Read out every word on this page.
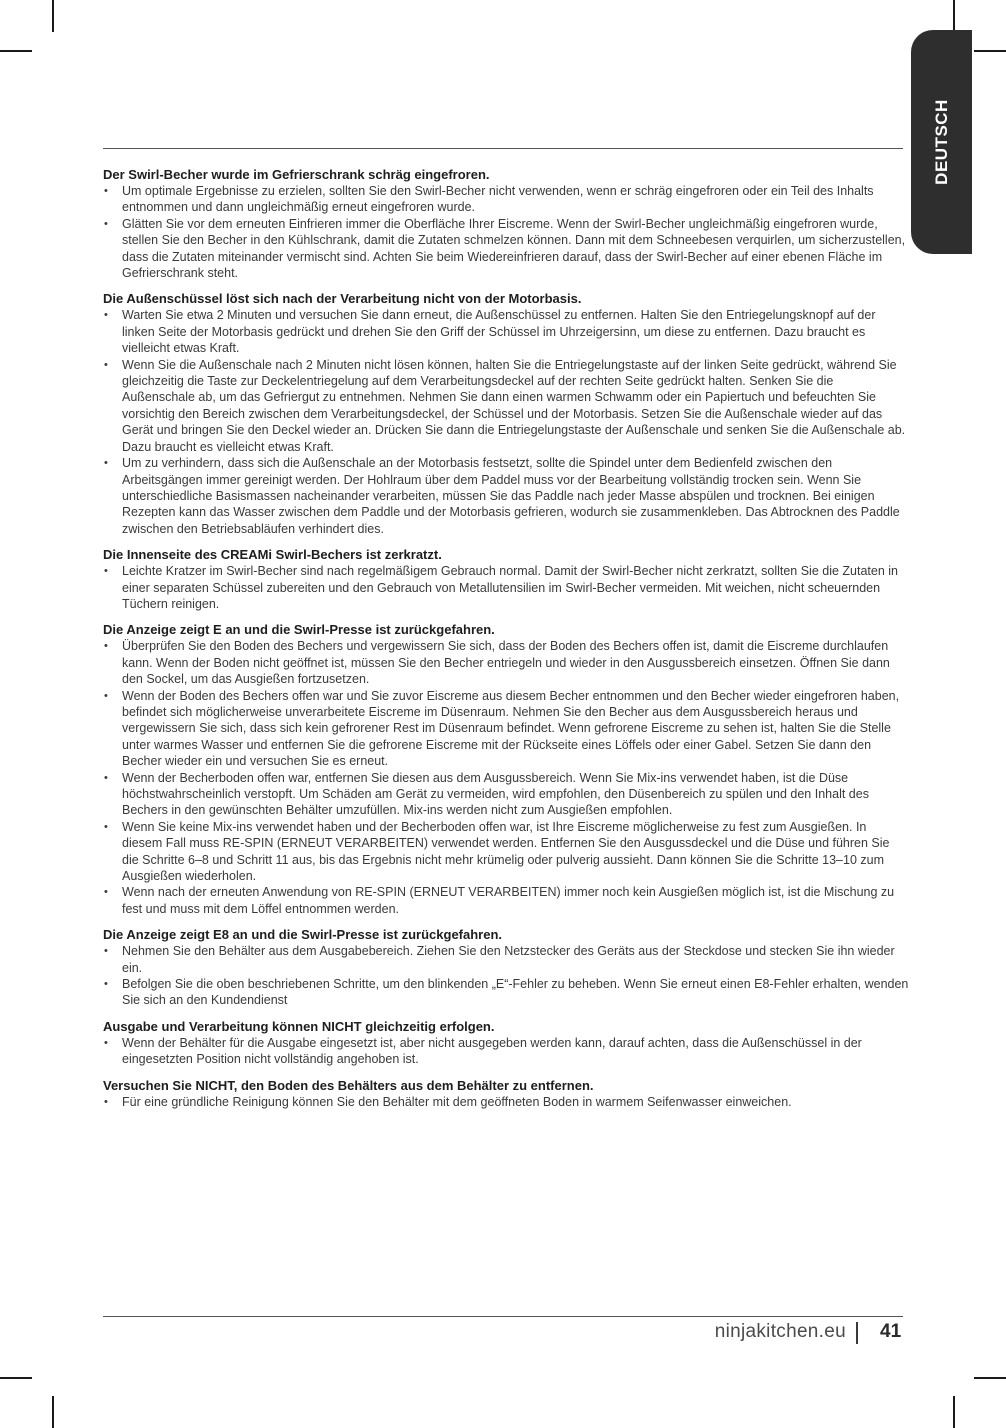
DEUTSCH

Der Swirl-Becher wurde im Gefrierschrank schräg eingefroren.

• Um optimale Ergebnisse zu erzielen, sollten Sie den Swirl-Becher nicht verwenden, wenn er schräg eingefroren oder ein Teil des Inhalts entnommen und dann ungleichmäßig erneut eingefroren wurde.
• Glätten Sie vor dem erneuten Einfrieren immer die Oberfläche Ihrer Eiscreme. Wenn der Swirl-Becher ungleichmäßig eingefroren wurde, stellen Sie den Becher in den Kühlschrank, damit die Zutaten schmelzen können. Dann mit dem Schneebesen verquirlen, um sicherzustellen, dass die Zutaten miteinander vermischt sind. Achten Sie beim Wiedereinfrieren darauf, dass der Swirl-Becher auf einer ebenen Fläche im Gefrierschrank steht.

Die Außenschüssel löst sich nach der Verarbeitung nicht von der Motorbasis.

• Warten Sie etwa 2 Minuten und versuchen Sie dann erneut, die Außenschüssel zu entfernen. Halten Sie den Entriegelungsknopf auf der linken Seite der Motorbasis gedrückt und drehen Sie den Griff der Schüssel im Uhrzeigersinn, um diese zu entfernen. Dazu braucht es vielleicht etwas Kraft.
• Wenn Sie die Außenschale nach 2 Minuten nicht lösen können, halten Sie die Entriegelungstaste auf der linken Seite gedrückt, während Sie gleichzeitig die Taste zur Deckelentriegelung auf dem Verarbeitungsdeckel auf der rechten Seite gedrückt halten. Senken Sie die Außenschale ab, um das Gefriergut zu entnehmen. Nehmen Sie dann einen warmen Schwamm oder ein Papiertuch und befeuchten Sie vorsichtig den Bereich zwischen dem Verarbeitungsdeckel, der Schüssel und der Motorbasis. Setzen Sie die Außenschale wieder auf das Gerät und bringen Sie den Deckel wieder an. Drücken Sie dann die Entriegelungstaste der Außenschale und senken Sie die Außenschale ab. Dazu braucht es vielleicht etwas Kraft.
• Um zu verhindern, dass sich die Außenschale an der Motorbasis festsetzt, sollte die Spindel unter dem Bedienfeld zwischen den Arbeitsgängen immer gereinigt werden. Der Hohlraum über dem Paddel muss vor der Bearbeitung vollständig trocken sein. Wenn Sie unterschiedliche Basismassen nacheinander verarbeiten, müssen Sie das Paddle nach jeder Masse abspülen und trocknen. Bei einigen Rezepten kann das Wasser zwischen dem Paddle und der Motorbasis gefrieren, wodurch sie zusammenkleben. Das Abtrocknen des Paddle zwischen den Betriebsabläufen verhindert dies.

Die Innenseite des CREAMi Swirl-Bechers ist zerkratzt.

• Leichte Kratzer im Swirl-Becher sind nach regelmäßigem Gebrauch normal. Damit der Swirl-Becher nicht zerkratzt, sollten Sie die Zutaten in einer separaten Schüssel zubereiten und den Gebrauch von Metallutensilien im Swirl-Becher vermeiden. Mit weichen, nicht scheuernden Tüchern reinigen.

Die Anzeige zeigt E an und die Swirl-Presse ist zurückgefahren.

• Überprüfen Sie den Boden des Bechers und vergewissern Sie sich, dass der Boden des Bechers offen ist, damit die Eiscreme durchlaufen kann. Wenn der Boden nicht geöffnet ist, müssen Sie den Becher entriegeln und wieder in den Ausgussbereich einsetzen. Öffnen Sie dann den Sockel, um das Ausgießen fortzusetzen.
• Wenn der Boden des Bechers offen war und Sie zuvor Eiscreme aus diesem Becher entnommen und den Becher wieder eingefroren haben, befindet sich möglicherweise unverarbeitete Eiscreme im Düsenraum. Nehmen Sie den Becher aus dem Ausgussbereich heraus und vergewissern Sie sich, dass sich kein gefrorener Rest im Düsenraum befindet. Wenn gefrorene Eiscreme zu sehen ist, halten Sie die Stelle unter warmes Wasser und entfernen Sie die gefrorene Eiscreme mit der Rückseite eines Löffels oder einer Gabel. Setzen Sie dann den Becher wieder ein und versuchen Sie es erneut.
• Wenn der Becherboden offen war, entfernen Sie diesen aus dem Ausgussbereich. Wenn Sie Mix-ins verwendet haben, ist die Düse höchstwahrscheinlich verstopft. Um Schäden am Gerät zu vermeiden, wird empfohlen, den Düsenbereich zu spülen und den Inhalt des Bechers in den gewünschten Behälter umzufüllen. Mix-ins werden nicht zum Ausgießen empfohlen.
• Wenn Sie keine Mix-ins verwendet haben und der Becherboden offen war, ist Ihre Eiscreme möglicherweise zu fest zum Ausgießen. In diesem Fall muss RE-SPIN (ERNEUT VERARBEITEN) verwendet werden. Entfernen Sie den Ausgussdeckel und die Düse und führen Sie die Schritte 6–8 und Schritt 11 aus, bis das Ergebnis nicht mehr krümelig oder pulverig aussieht. Dann können Sie die Schritte 13–10 zum Ausgießen wiederholen.
• Wenn nach der erneuten Anwendung von RE-SPIN (ERNEUT VERARBEITEN) immer noch kein Ausgießen möglich ist, ist die Mischung zu fest und muss mit dem Löffel entnommen werden.

Die Anzeige zeigt E8 an und die Swirl-Presse ist zurückgefahren.

• Nehmen Sie den Behälter aus dem Ausgabebereich. Ziehen Sie den Netzstecker des Geräts aus der Steckdose und stecken Sie ihn wieder ein.
• Befolgen Sie die oben beschriebenen Schritte, um den blinkenden „E“-Fehler zu beheben. Wenn Sie erneut einen E8-Fehler erhalten, wenden Sie sich an den Kundendienst

Ausgabe und Verarbeitung können NICHT gleichzeitig erfolgen.

• Wenn der Behälter für die Ausgabe eingesetzt ist, aber nicht ausgegeben werden kann, darauf achten, dass die Außenschüssel in der eingesetzten Position nicht vollständig angehoben ist.

Versuchen Sie NICHT, den Boden des Behälters aus dem Behälter zu entfernen.

• Für eine gründliche Reinigung können Sie den Behälter mit dem geöffneten Boden in warmem Seifenwasser einweichen.
ninjakitchen.eu 41
